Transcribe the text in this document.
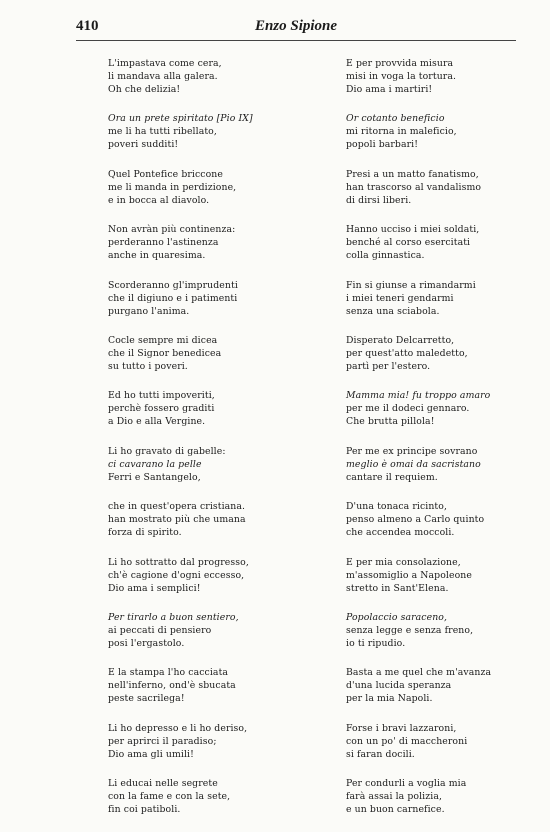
410	Enzo Sipione
L'impastava come cera,
li mandava alla galera.
Oh che delizia!
Ora un prete spiritato [Pio IX]
me li ha tutti ribellato,
poveri sudditi!
Quel Pontefice briccone
me li manda in perdizione,
e in bocca al diavolo.
Non avràn più continenza:
perderanno l'astinenza
anche in quaresima.
Scorderanno gl'imprudenti
che il digiuno e i patimenti
purgano l'anima.
Cocle sempre mi dicea
che il Signor benedicea
su tutto i poveri.
Ed ho tutti impoveriti,
perchè fossero graditi
a Dio e alla Vergine.
Li ho gravato di gabelle:
ci cavarano la pelle
Ferri e Santangelo,
che in quest'opera cristiana.
han mostrato più che umana
forza di spirito.
Li ho sottratto dal progresso,
ch'è cagione d'ogni eccesso,
Dio ama i semplici!
Per tirarlo a buon sentiero,
ai peccati di pensiero
posi l'ergastolo.
E la stampa l'ho cacciata
nell'inferno, ond'è sbucata
peste sacrilega!
Li ho depresso e li ho deriso,
per aprirci il paradiso;
Dio ama gli umili!
Li educai nelle segrete
con la fame e con la sete,
fin coi patiboli.
E per provvida misura
misi in voga la tortura.
Dio ama i martiri!
Or cotanto beneficio
mi ritorna in maleficio,
popoli barbari!
Presi a un matto fanatismo,
han trascorso al vandalismo
di dirsi liberi.
Hanno ucciso i miei soldati,
benché al corso esercitati
colla ginnastica.
Fin si giunse a rimandarmi
i miei teneri gendarmi
senza una sciabola.
Disperato Delcarretto,
per quest'atto maledetto,
partì per l'estero.
Mamma mia! fu troppo amaro
per me il dodeci gennaro.
Che brutta pillola!
Per me ex principe sovrano
meglio è omai da sacristano
cantare il requiem.
D'una tonaca ricinto,
penso almeno a Carlo quinto
che accendea moccoli.
E per mia consolazione,
m'assomiglio a Napoleone
stretto in Sant'Elena.
Popolaccio saraceno,
senza legge e senza freno,
io ti ripudio.
Basta a me quel che m'avanza
d'una lucida speranza
per la mia Napoli.
Forse i bravi lazzaroni,
con un po' di maccheroni
si faran docili.
Per condurli a voglia mia
farà assai la polizia,
e un buon carnefice.
